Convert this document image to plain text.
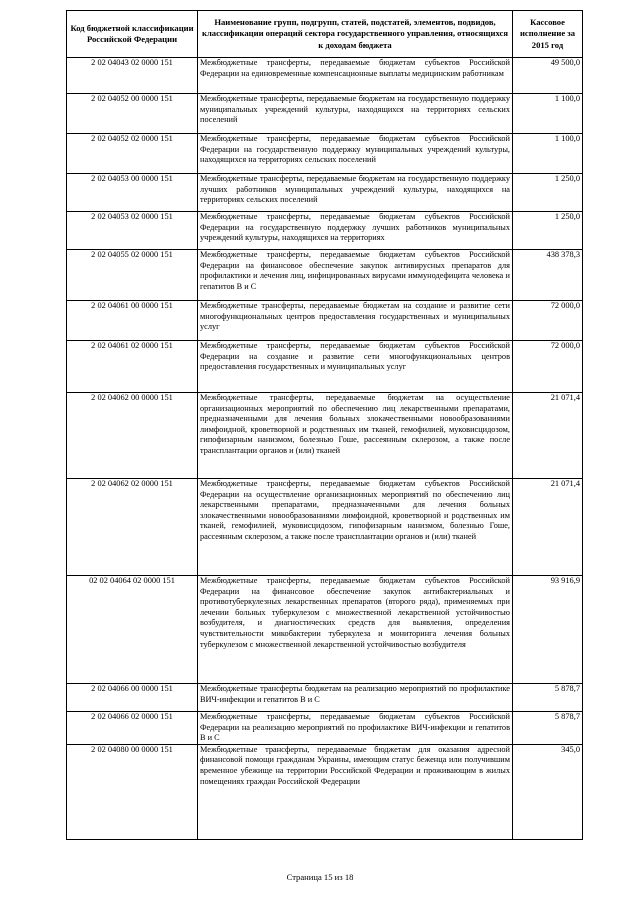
Код бюджетной классификации Российской Федерации	Наименование групп, подгрупп, статей, подстатей, элементов, подвидов, классификации операций сектора государственного управления, относящихся к доходам бюджета	Кассовое исполнение за 2015 год
2 02 04043 02 0000 151	Межбюджетные трансферты, передаваемые бюджетам субъектов Российской Федерации на единовременные компенсационные выплаты медицинским работникам	49 500,0
2 02 04052 00 0000 151	Межбюджетные трансферты, передаваемые бюджетам на государственную поддержку муниципальных учреждений культуры, находящихся на территориях сельских поселений	1 100,0
2 02 04052 02 0000 151	Межбюджетные трансферты, передаваемые бюджетам субъектов Российской Федерации на государственную поддержку муниципальных учреждений культуры, находящихся на территориях сельских поселений	1 100,0
2 02 04053 00 0000 151	Межбюджетные трансферты, передаваемые бюджетам на государственную поддержку лучших работников муниципальных учреждений культуры, находящихся на территориях сельских поселений	1 250,0
2 02 04053 02 0000 151	Межбюджетные трансферты, передаваемые бюджетам субъектов Российской Федерации на государственную поддержку лучших работников муниципальных учреждений культуры, находящихся на территориях	1 250,0
2 02 04055 02 0000 151	Межбюджетные трансферты, передаваемые бюджетам субъектов Российской Федерации на финансовое обеспечение закупок антивирусных препаратов для профилактики и лечения лиц, инфицированных вирусами иммунодефицита человека и гепатитов B и C	438 378,3
2 02 04061 00 0000 151	Межбюджетные трансферты, передаваемые бюджетам на создание и развитие сети многофункциональных центров предоставления государственных и муниципальных услуг	72 000,0
2 02 04061 02 0000 151	Межбюджетные трансферты, передаваемые бюджетам субъектов Российской Федерации на создание и развитие сети многофункциональных центров предоставления государственных и муниципальных услуг	72 000,0
2 02 04062 00 0000 151	Межбюджетные трансферты, передаваемые бюджетам на осуществление организационных мероприятий по обеспечению лиц лекарственными препаратами, предназначенными для лечения больных злокачественными новообразованиями лимфоидной, кроветворной и родственных им тканей, гемофилией, муковисцидозом, гипофизарным нанизмом, болезнью Гоше, рассеянным склерозом, а также после трансплантации органов и (или) тканей	21 071,4
2 02 04062 02 0000 151	Межбюджетные трансферты, передаваемые бюджетам субъектов Российской Федерации на осуществление организационных мероприятий по обеспечению лиц лекарственными препаратами, предназначенными для лечения больных злокачественными новообразованиями лимфоидной, кроветворной и родственных им тканей, гемофилией, муковисцидозом, гипофизарным нанизмом, болезнью Гоше, рассеянным склерозом, а также после трансплантации органов и (или) тканей	21 071,4
02 02 04064 02 0000 151	Межбюджетные трансферты, передаваемые бюджетам субъектов Российской Федерации на финансовое обеспечение закупок антибактериальных и противотуберкулезных лекарственных препаратов (второго ряда), применяемых при лечении больных туберкулезом с множественной лекарственной устойчивостью возбудителя, и диагностических средств для выявления, определения чувствительности микобактерии туберкулеза и мониторинга лечения больных туберкулезом с множественной лекарственной устойчивостью возбудителя	93 916,9
2 02 04066 00 0000 151	Межбюджетные трансферты бюджетам на реализацию мероприятий по профилактике ВИЧ-инфекции и гепатитов B и C	5 878,7
2 02 04066 02 0000 151	Межбюджетные трансферты, передаваемые бюджетам субъектов Российской Федерации на реализацию мероприятий по профилактике ВИЧ-инфекции и гепатитов B и C	5 878,7
2 02 04080 00 0000 151	Межбюджетные трансферты, передаваемые бюджетам для оказания адресной финансовой помощи гражданам Украины, имеющим статус беженца или получившим временное убежище на территории Российской Федерации и проживающим в жилых помещениях граждан Российской Федерации	345,0
Страница 15 из 18
